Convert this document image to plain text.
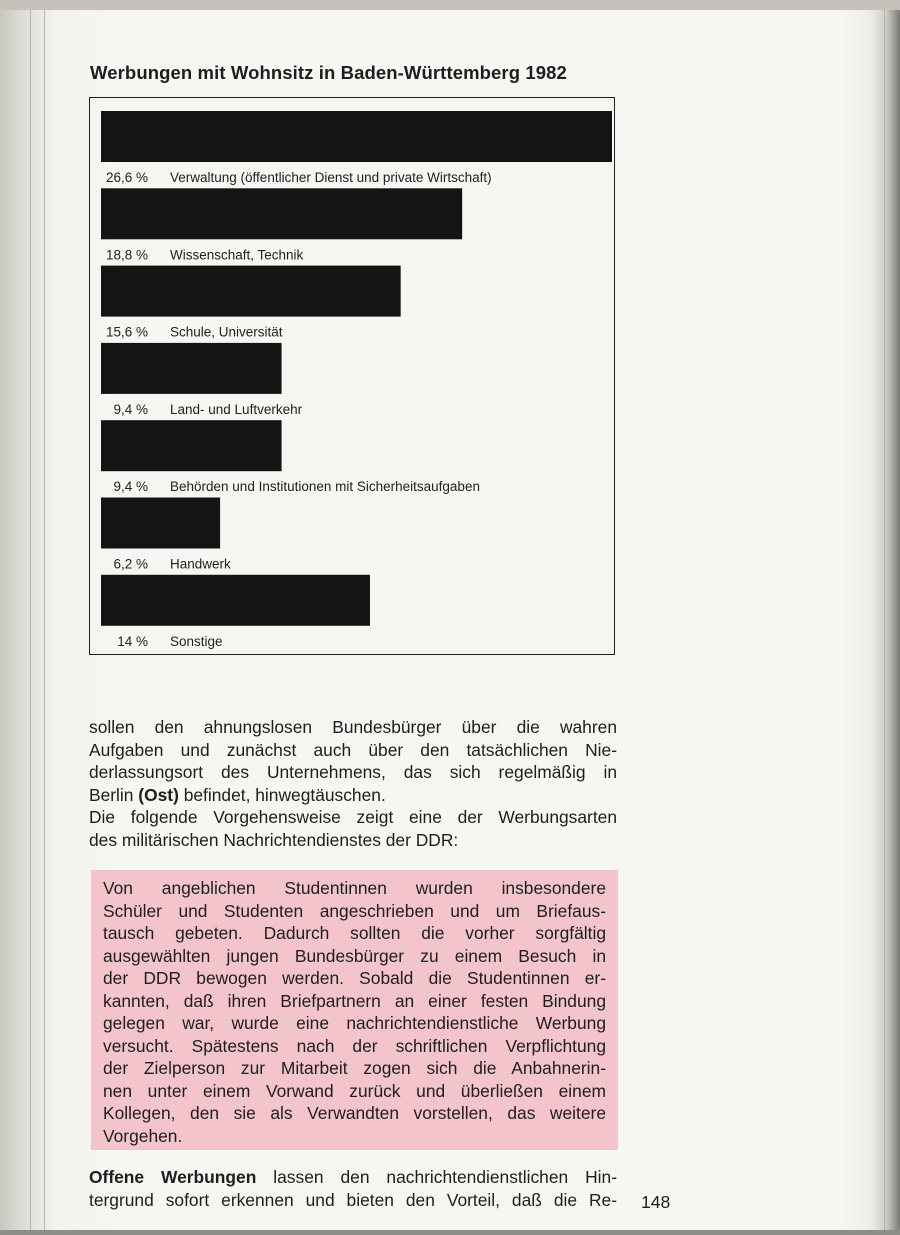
Werbungen mit Wohnsitz in Baden-Württemberg 1982
26,6 % Verwaltung (öffentlicher Dienst und private Wirtschaft)
18,8 % Wissenschaft, Technik
15,6 % Schule, Universität
9,4 % Land- und Luftverkehr
9,4 % Behörden und Institutionen mit Sicherheitsaufgaben
6,2 % Handwerk
14 % Sonstige
sollen den ahnungslosen Bundesbürger über die wahren
Aufgaben und zunächst auch über den tatsächlichen Nie-
derlassungsort des Unternehmens, das sich regelmäßig in
Berlin (Ost) befindet, hinwegtäuschen.
Die folgende Vorgehensweise zeigt eine der Werbungsarten
des militärischen Nachrichtendienstes der DDR:
Von angeblichen Studentinnen wurden insbesondere
Schüler und Studenten angeschrieben und um Briefaus-
tausch gebeten. Dadurch sollten die vorher sorgfältig
ausgewählten jungen Bundesbürger zu einem Besuch in
der DDR bewogen werden. Sobald die Studentinnen er-
kannten, daß ihren Briefpartnern an einer festen Bindung
gelegen war, wurde eine nachrichtendienstliche Werbung
versucht. Spätestens nach der schriftlichen Verpflichtung
der Zielperson zur Mitarbeit zogen sich die Anbahnerin-
nen unter einem Vorwand zurück und überließen einem
Kollegen, den sie als Verwandten vorstellen, das weitere
Vorgehen.
Offene Werbungen lassen den nachrichtendienstlichen Hin-
tergrund sofort erkennen und bieten den Vorteil, daß die Re- 148
